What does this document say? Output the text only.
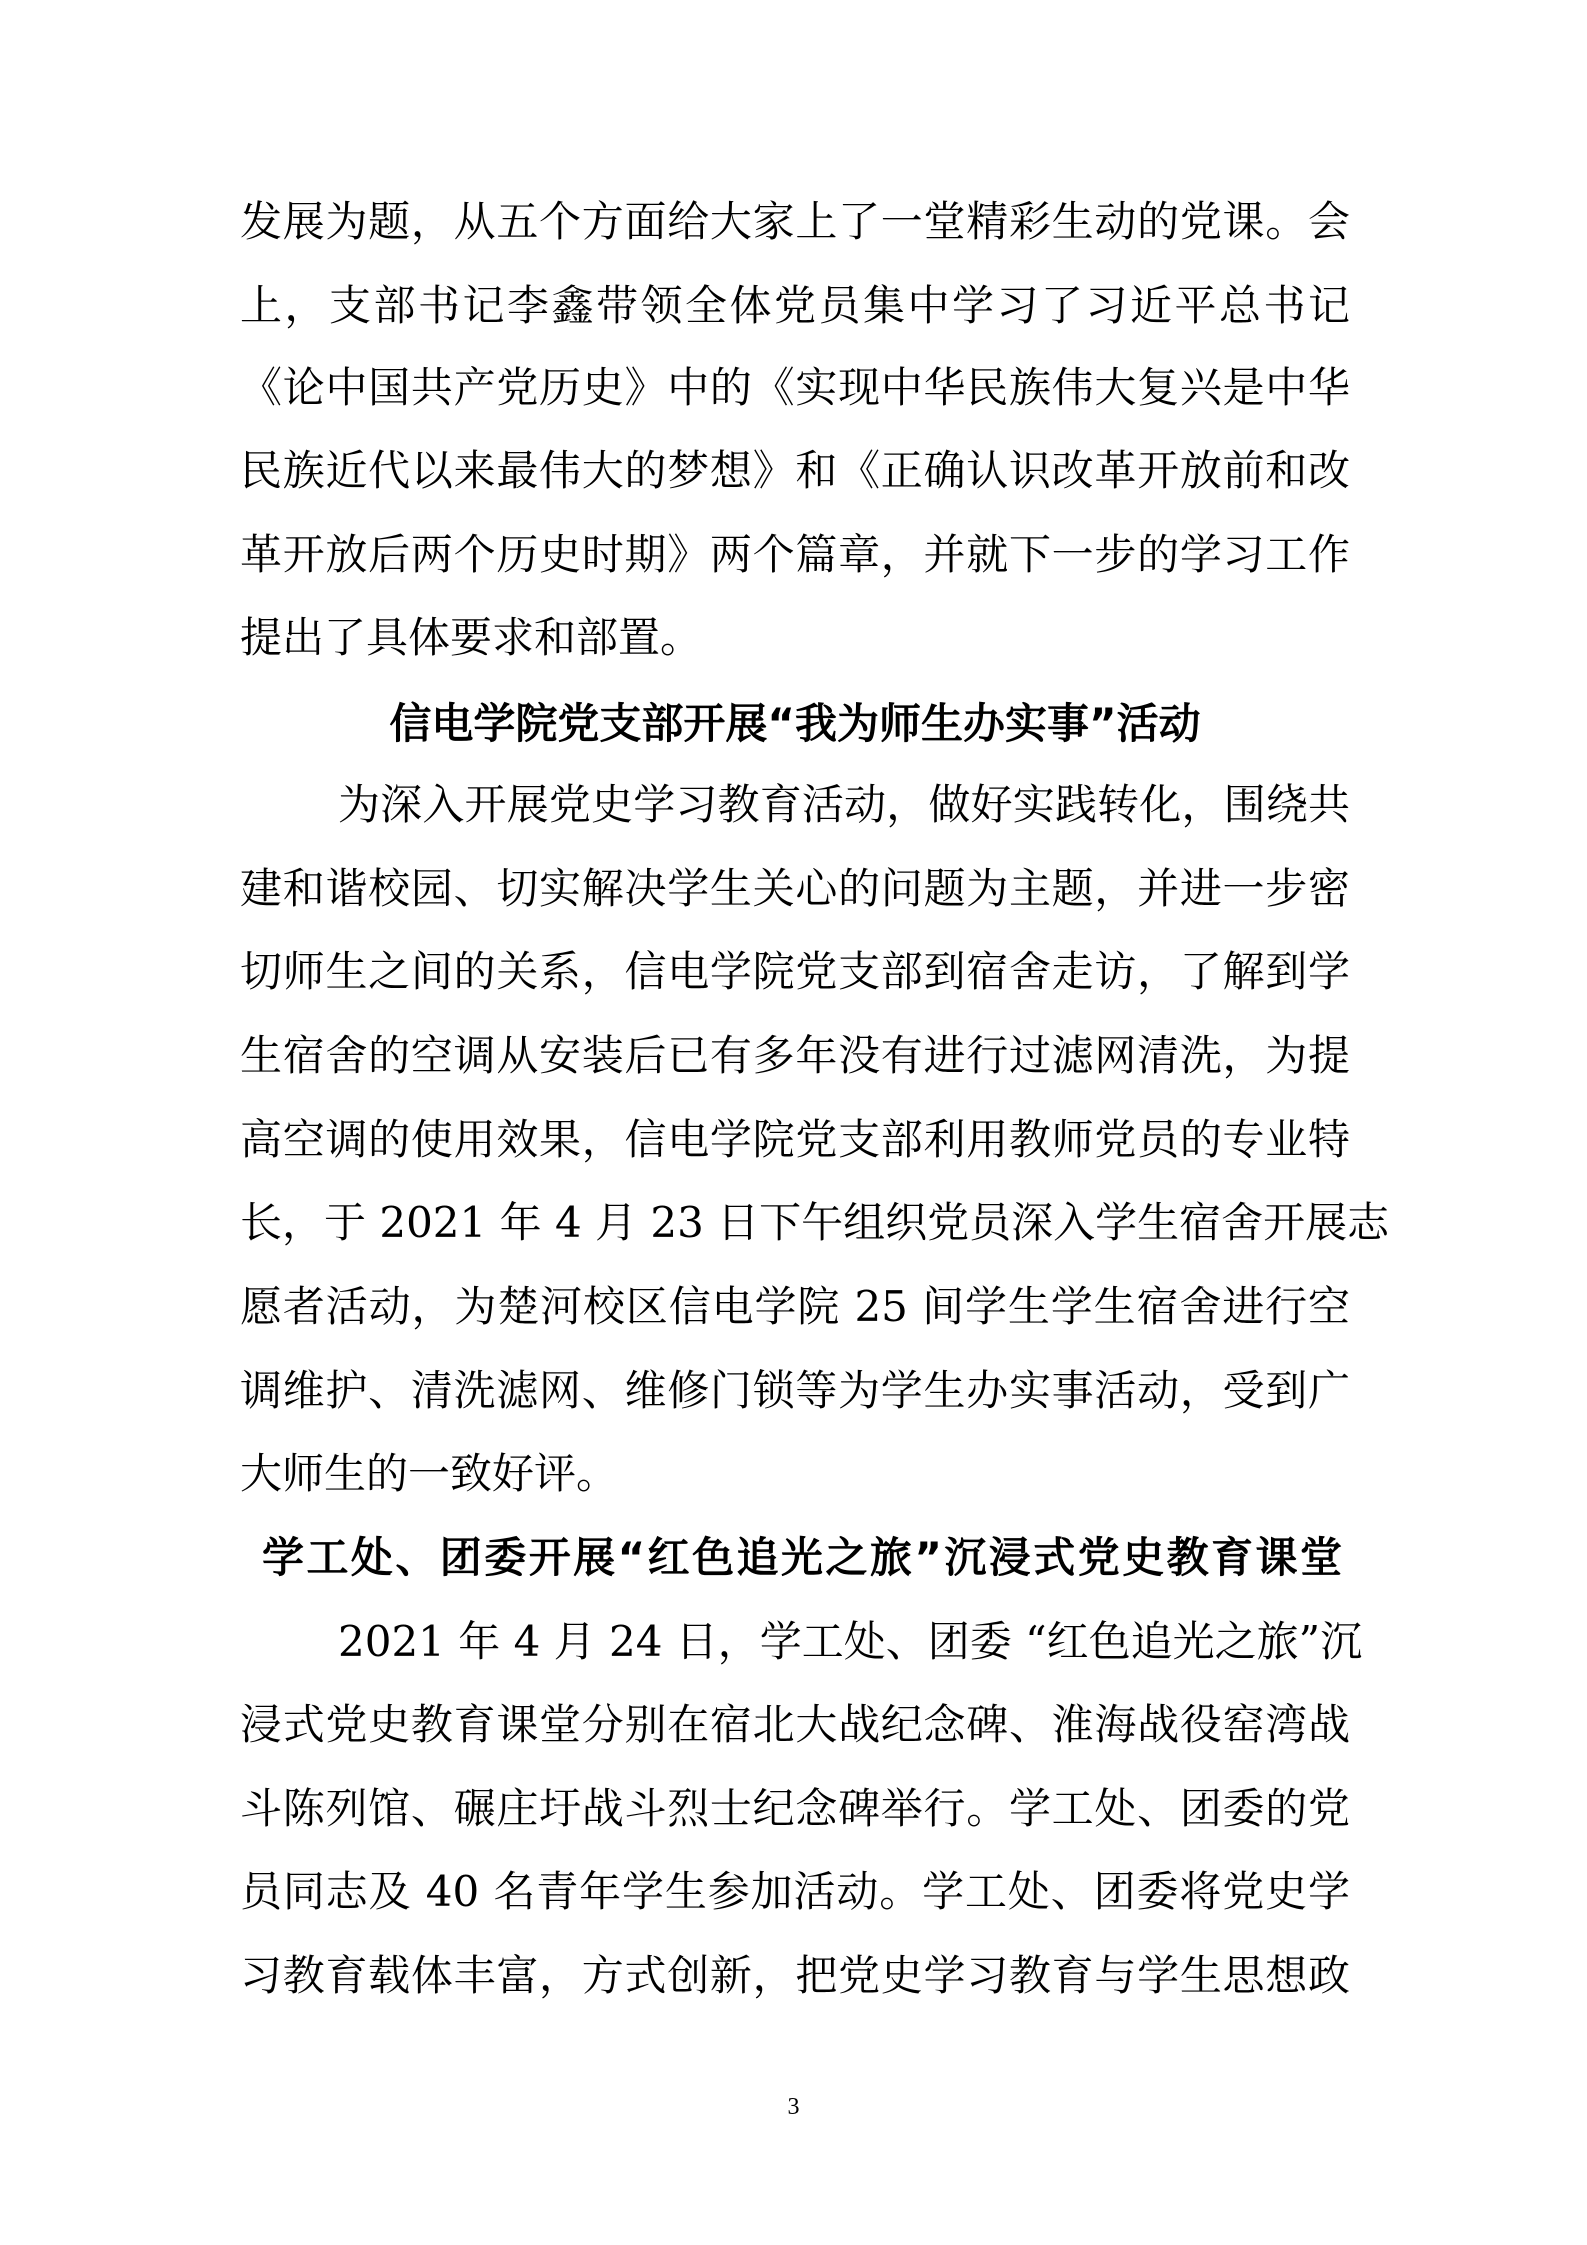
发展为题，从五个方面给大家上了一堂精彩生动的党课。会
上，支部书记李鑫带领全体党员集中学习了习近平总书记
《论中国共产党历史》中的《实现中华民族伟大复兴是中华
民族近代以来最伟大的梦想》和《正确认识改革开放前和改
革开放后两个历史时期》两个篇章，并就下一步的学习工作
提出了具体要求和部置。
信电学院党支部开展“我为师生办实事”活动
为深入开展党史学习教育活动，做好实践转化，围绕共
建和谐校园、切实解决学生关心的问题为主题，并进一步密
切师生之间的关系，信电学院党支部到宿舍走访，了解到学
生宿舍的空调从安装后已有多年没有进行过滤网清洗，为提
高空调的使用效果，信电学院党支部利用教师党员的专业特
长，于 2021 年 4 月 23 日下午组织党员深入学生宿舍开展志
愿者活动，为楚河校区信电学院 25 间学生学生宿舍进行空
调维护、清洗滤网、维修门锁等为学生办实事活动，受到广
大师生的一致好评。
学工处、团委开展“红色追光之旅”沉浸式党史教育课堂
2021 年 4 月 24 日，学工处、团委 “红色追光之旅”沉
浸式党史教育课堂分别在宿北大战纪念碑、淮海战役窑湾战
斗陈列馆、碾庄圩战斗烈士纪念碑举行。学工处、团委的党
员同志及 40 名青年学生参加活动。学工处、团委将党史学
习教育载体丰富，方式创新，把党史学习教育与学生思想政
3
